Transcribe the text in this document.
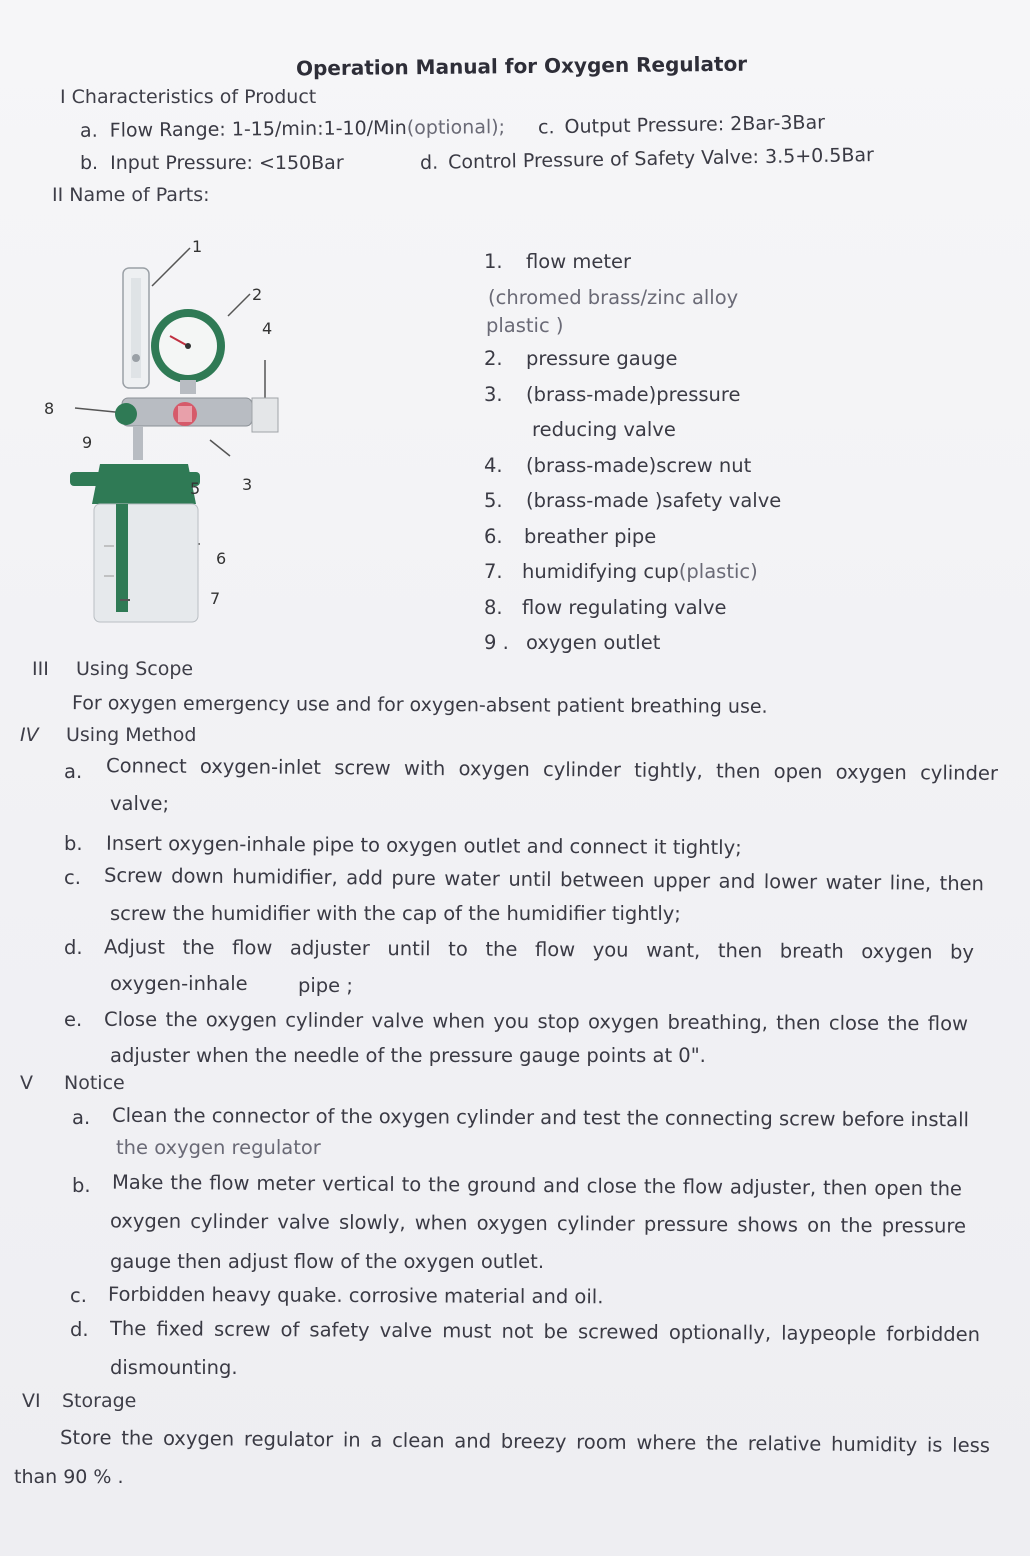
Operation Manual for Oxygen Regulator
I Characteristics of Product
a. Flow Range: 1-15/min:1-10/Min(optional); c. Output Pressure: 2Bar-3Bar
b. Input Pressure: <150Bar	d. Control Pressure of Safety Valve: 3.5+0.5Bar
II Name of Parts:
1
2
4
8
9
5	3
6
7
1. flow meter
(chromed brass/zinc alloy
plastic )
2. pressure gauge
3. (brass-made)pressure
reducing valve
4. (brass-made)screw nut
5. (brass-made )safety valve
6. breather pipe
7. humidifying cup(plastic)
8. flow regulating valve
9 . oxygen outlet
III Using Scope
For oxygen emergency use and for oxygen-absent patient breathing use.
IV Using Method
a. Connect oxygen-inlet screw with oxygen cylinder tightly, then open oxygen cylinder
valve;
b. Insert oxygen-inhale pipe to oxygen outlet and connect it tightly;
c. Screw down humidifier, add pure water until between upper and lower water line, then
screw the humidifier with the cap of the humidifier tightly;
d. Adjust the flow adjuster until to the flow you want, then breath oxygen by
oxygen-inhale	pipe ;
e. Close the oxygen cylinder valve when you stop oxygen breathing, then close the flow
adjuster when the needle of the pressure gauge points at 0".
V Notice
a. Clean the connector of the oxygen cylinder and test the connecting screw before install
the oxygen regulator
b. Make the flow meter vertical to the ground and close the flow adjuster, then open the
oxygen cylinder valve slowly, when oxygen cylinder pressure shows on the pressure
gauge then adjust flow of the oxygen outlet.
c. Forbidden heavy quake. corrosive material and oil.
d. The fixed screw of safety valve must not be screwed optionally, laypeople forbidden
dismounting.
VI Storage
Store the oxygen regulator in a clean and breezy room where the relative humidity is less
than 90 % .
